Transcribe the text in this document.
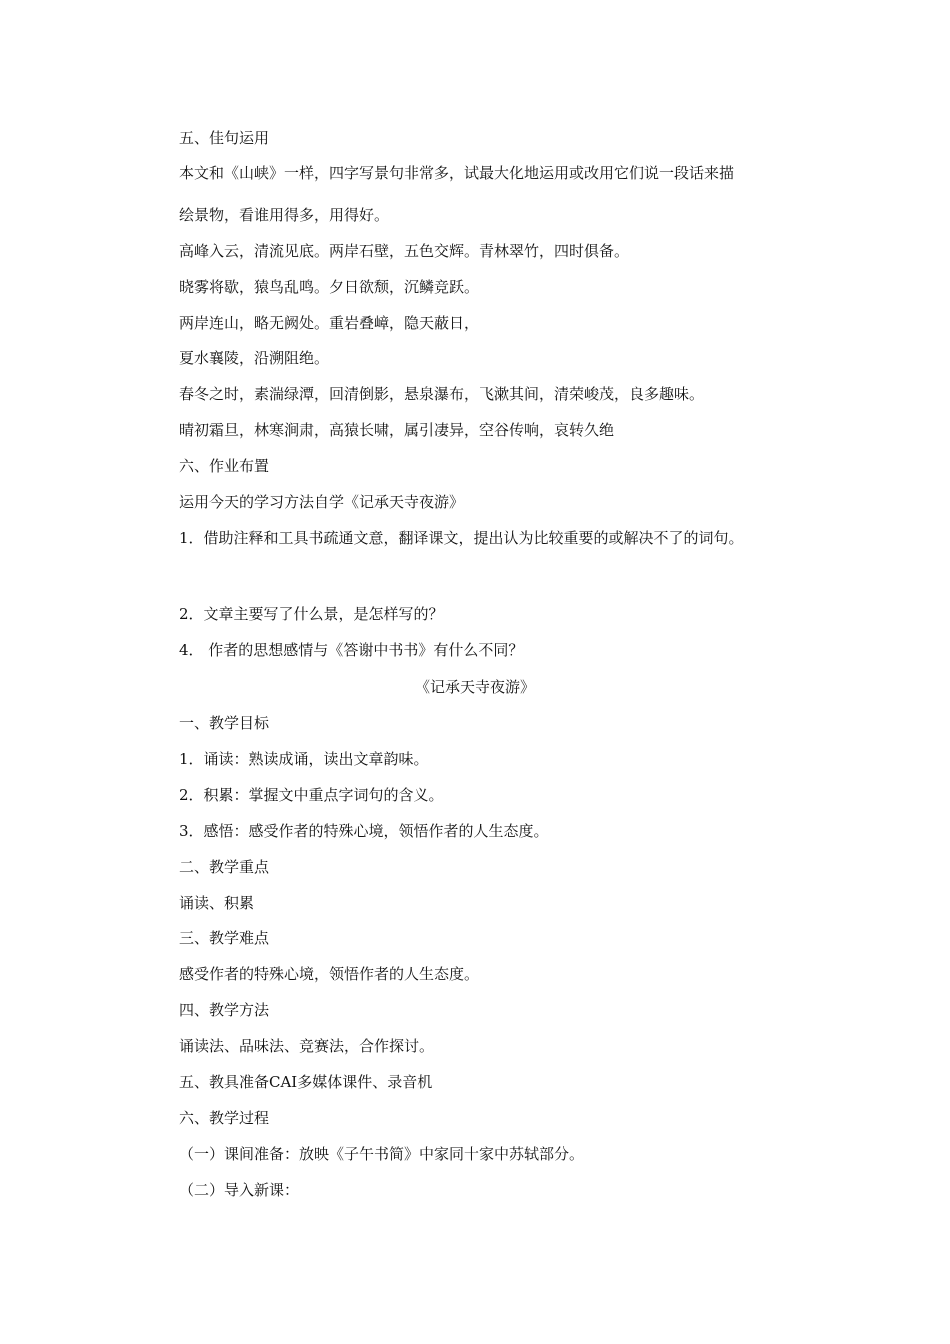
五、佳句运用
本文和《山峡》一样，四字写景句非常多，试最大化地运用或改用它们说一段话来描
绘景物，看谁用得多，用得好。
高峰入云，清流见底。两岸石壁，五色交辉。青林翠竹，四时俱备。
晓雾将歇，猿鸟乱鸣。夕日欲颓，沉鳞竞跃。
两岸连山，略无阙处。重岩叠嶂，隐天蔽日，
夏水襄陵，沿溯阻绝。
春冬之时，素湍绿潭，回清倒影，悬泉瀑布，飞漱其间，清荣峻茂，良多趣味。
晴初霜旦，林寒涧肃，高猿长啸，属引凄异，空谷传响，哀转久绝
六、作业布置
运用今天的学习方法自学《记承天寺夜游》
1．借助注释和工具书疏通文意，翻译课文，提出认为比较重要的或解决不了的词句。
2．文章主要写了什么景，是怎样写的？
4． 作者的思想感情与《答谢中书书》有什么不同？
《记承天寺夜游》
一、教学目标
1．诵读：熟读成诵，读出文章韵味。
2．积累：掌握文中重点字词句的含义。
3．感悟：感受作者的特殊心境，领悟作者的人生态度。
二、教学重点
诵读、积累
三、教学难点
感受作者的特殊心境，领悟作者的人生态度。
四、教学方法
诵读法、品味法、竞赛法，合作探讨。
五、教具准备CAI多媒体课件、录音机
六、教学过程
（一）课间准备：放映《子午书简》中家同十家中苏轼部分。
（二）导入新课：
